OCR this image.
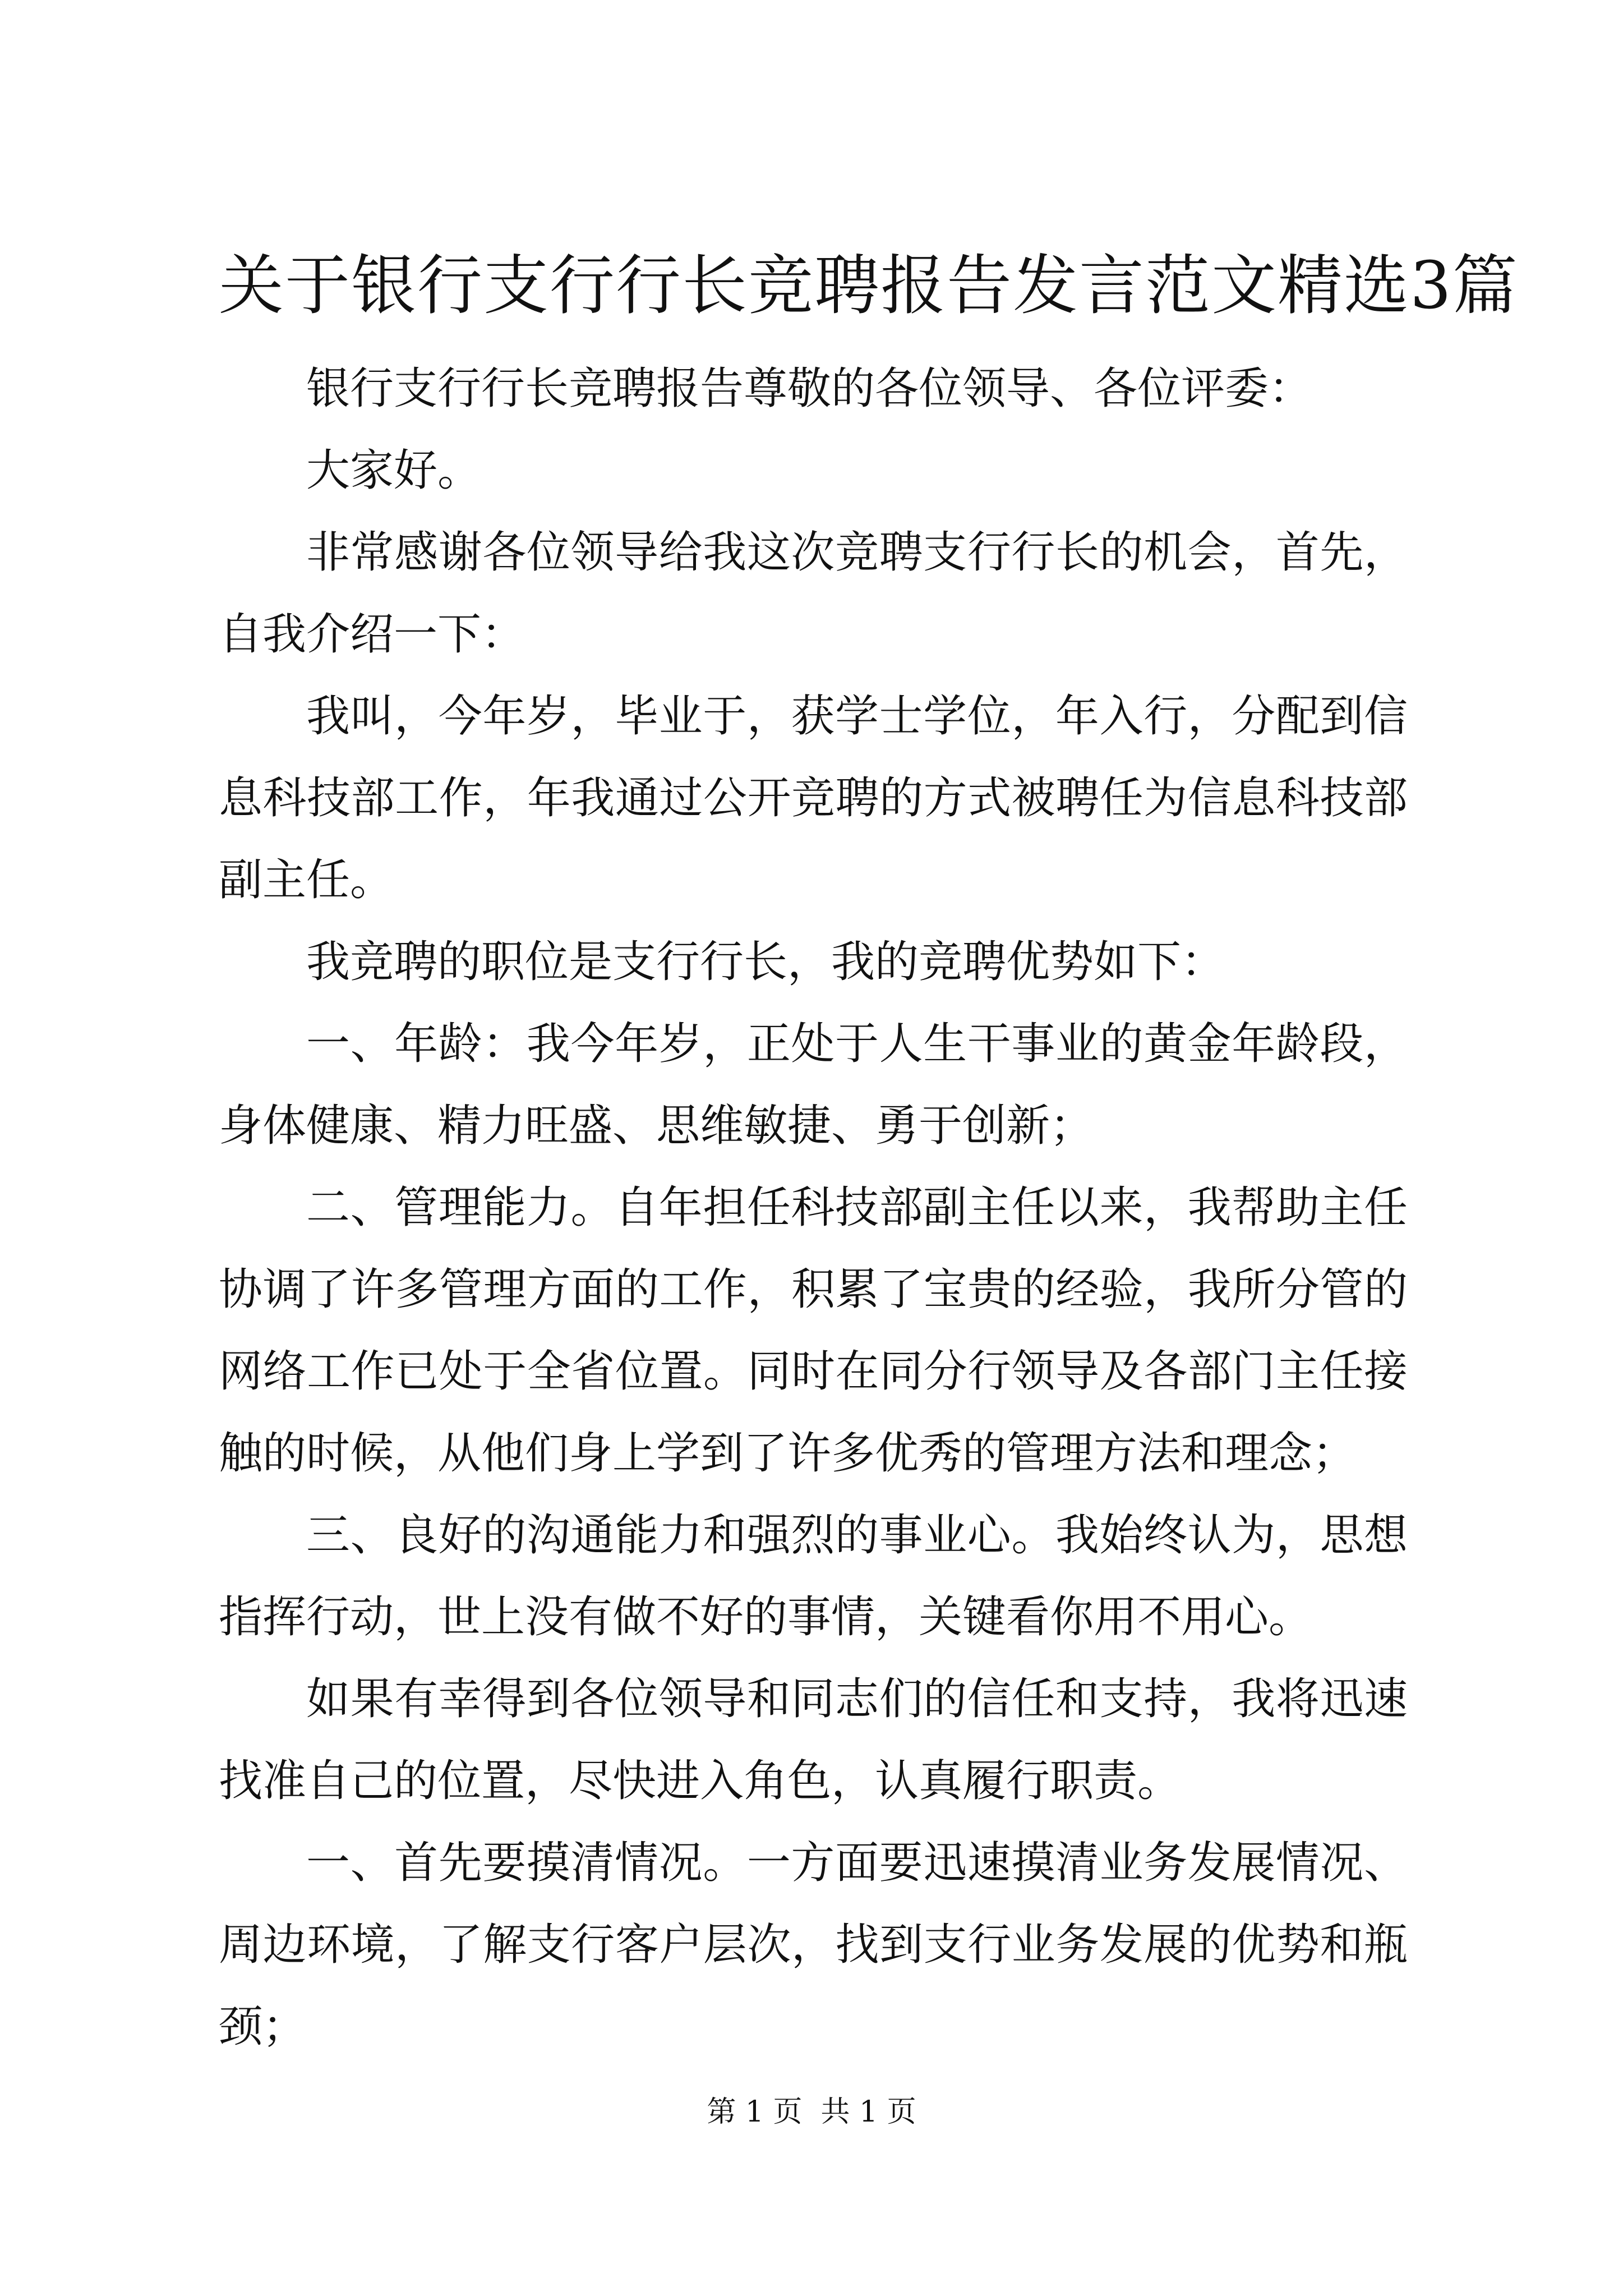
关于银行支行行长竞聘报告发言范文精选3篇

银行支行行长竞聘报告尊敬的各位领导、各位评委：

大家好。

非常感谢各位领导给我这次竞聘支行行长的机会，首先，自我介绍一下：

我叫，今年岁，毕业于，获学士学位，年入行，分配到信息科技部工作，年我通过公开竞聘的方式被聘任为信息科技部副主任。

我竞聘的职位是支行行长，我的竞聘优势如下：

一、年龄：我今年岁，正处于人生干事业的黄金年龄段，身体健康、精力旺盛、思维敏捷、勇于创新；

二、管理能力。自年担任科技部副主任以来，我帮助主任协调了许多管理方面的工作，积累了宝贵的经验，我所分管的网络工作已处于全省位置。同时在同分行领导及各部门主任接触的时候，从他们身上学到了许多优秀的管理方法和理念；

三、良好的沟通能力和强烈的事业心。我始终认为，思想指挥行动，世上没有做不好的事情，关键看你用不用心。

如果有幸得到各位领导和同志们的信任和支持，我将迅速找准自己的位置，尽快进入角色，认真履行职责。

一、首先要摸清情况。一方面要迅速摸清业务发展情况、周边环境，了解支行客户层次，找到支行业务发展的优势和瓶颈；

第 1 页  共 1 页
